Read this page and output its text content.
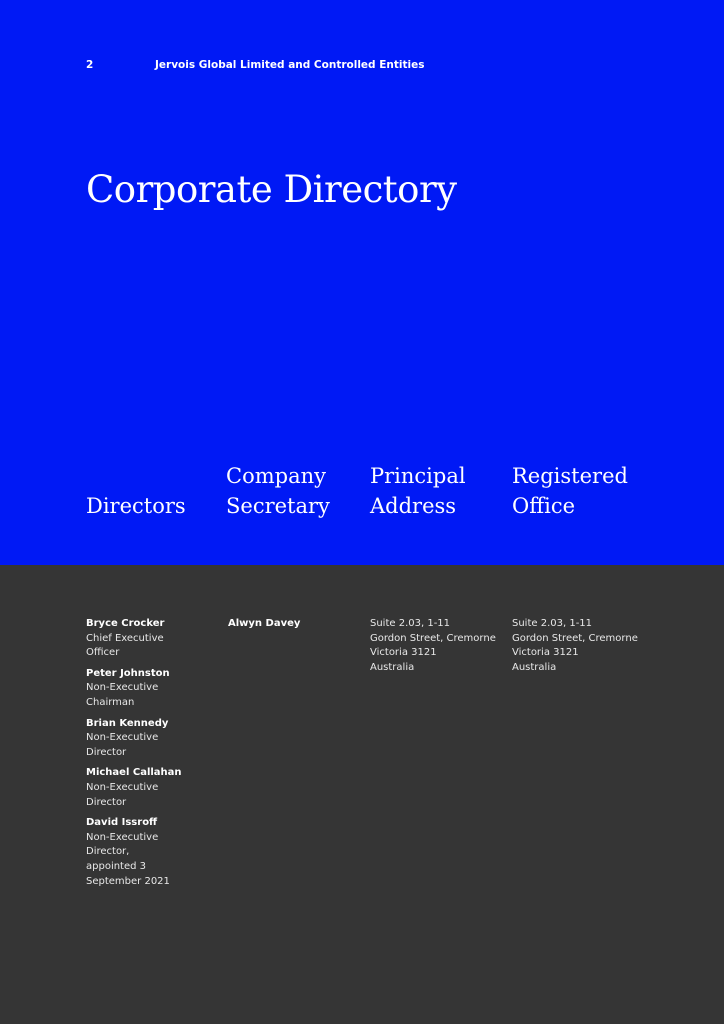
2	Jervois Global Limited and Controlled Entities
Corporate Directory

Directors
Company
Secretary
Principal
Address
Registered
Office
Bryce Crocker
Chief Executive
Officer
Peter Johnston
Non-Executive
Chairman
Brian Kennedy
Non-Executive
Director
Michael Callahan
Non-Executive
Director
David Issroff
Non-Executive
Director,
appointed 3
September 2021
Alwyn Davey	Suite 2.03, 1-11
Gordon Street, Cremorne
Victoria 3121
Australia
Suite 2.03, 1-11
Gordon Street, Cremorne
Victoria 3121
Australia
